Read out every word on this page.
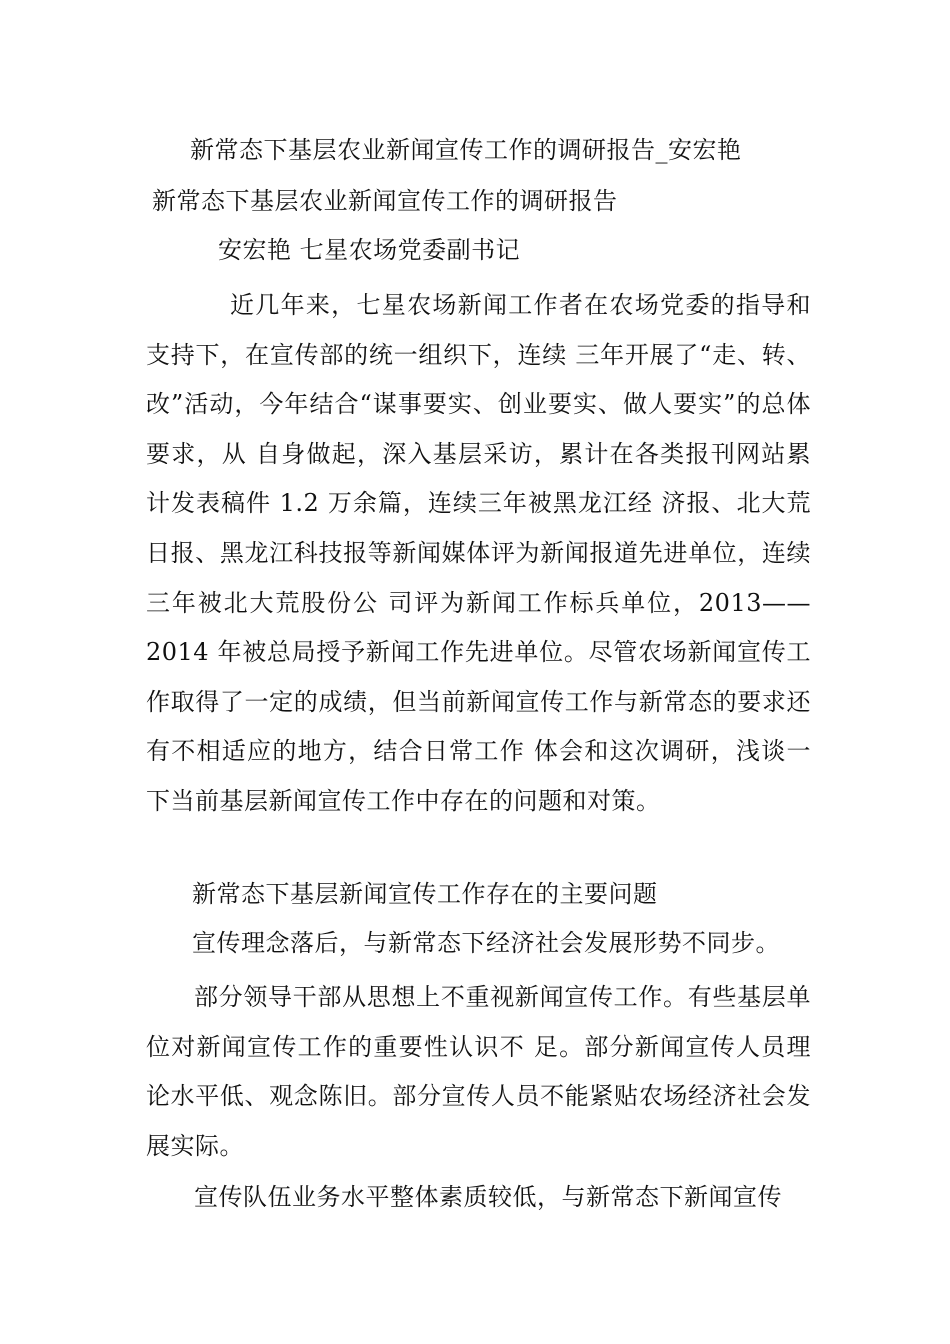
新常态下基层农业新闻宣传工作的调研报告_安宏艳

新常态下基层农业新闻宣传工作的调研报告

安宏艳 七星农场党委副书记

近几年来，七星农场新闻工作者在农场党委的指导和支持下，在宣传部的统一组织下，连续 三年开展了“走、转、改”活动，今年结合“谋事要实、创业要实、做人要实”的总体要求，从 自身做起，深入基层采访，累计在各类报刊网站累计发表稿件 1.2 万余篇，连续三年被黑龙江经 济报、北大荒日报、黑龙江科技报等新闻媒体评为新闻报道先进单位，连续三年被北大荒股份公 司评为新闻工作标兵单位，2013——2014 年被总局授予新闻工作先进单位。尽管农场新闻宣传工 作取得了一定的成绩，但当前新闻宣传工作与新常态的要求还有不相适应的地方，结合日常工作 体会和这次调研，浅谈一下当前基层新闻宣传工作中存在的问题和对策。

新常态下基层新闻宣传工作存在的主要问题

宣传理念落后，与新常态下经济社会发展形势不同步。

部分领导干部从思想上不重视新闻宣传工作。有些基层单位对新闻宣传工作的重要性认识不 足。部分新闻宣传人员理论水平低、观念陈旧。部分宣传人员不能紧贴农场经济社会发展实际。

宣传队伍业务水平整体素质较低，与新常态下新闻宣传
